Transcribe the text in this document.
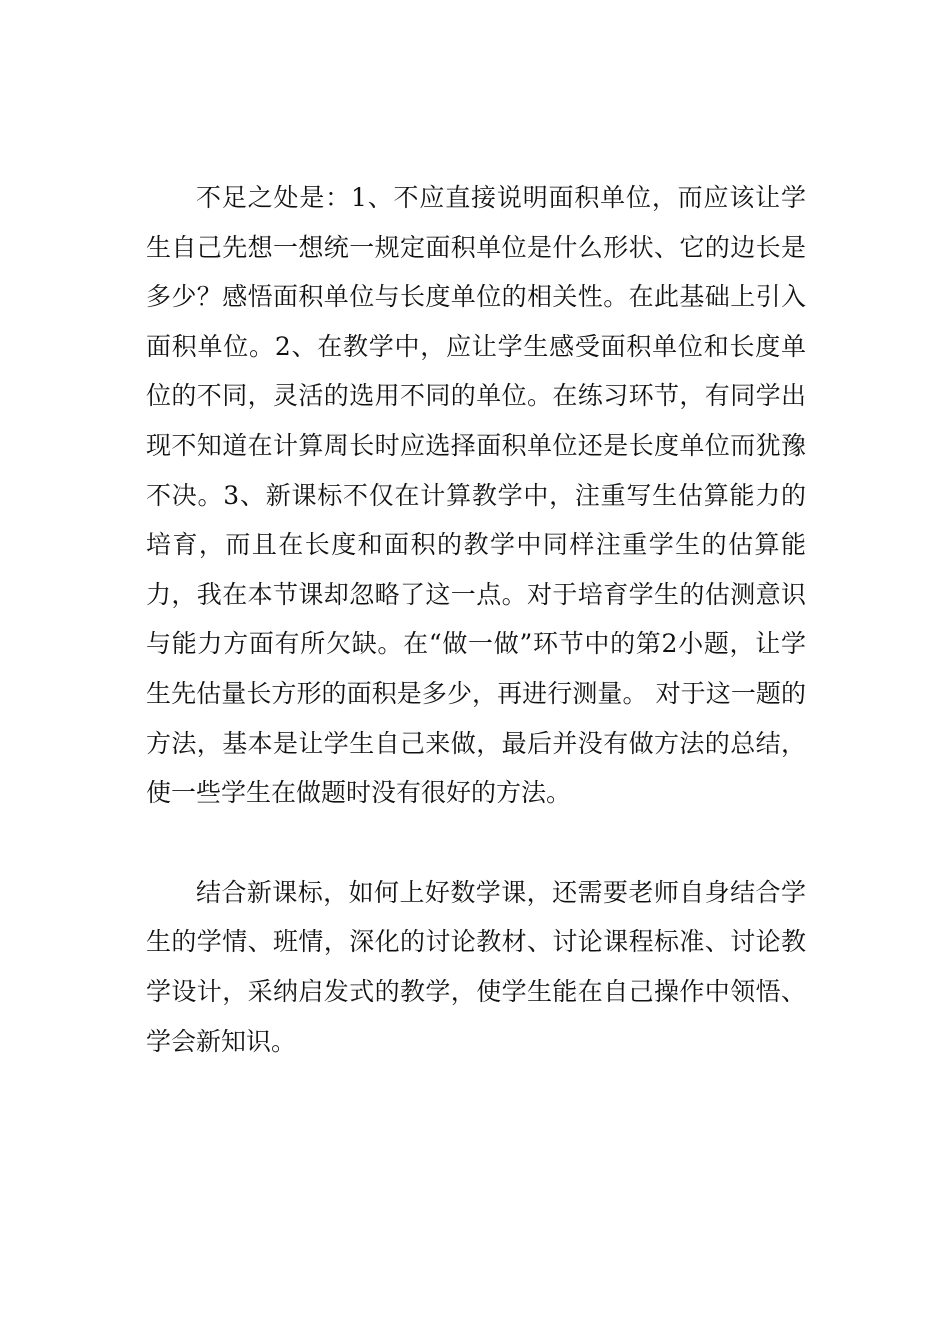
不足之处是：1、不应直接说明面积单位，而应该让学生自己先想一想统一规定面积单位是什么形状、它的边长是多少？感悟面积单位与长度单位的相关性。在此基础上引入面积单位。2、在教学中，应让学生感受面积单位和长度单位的不同，灵活的选用不同的单位。在练习环节，有同学出现不知道在计算周长时应选择面积单位还是长度单位而犹豫不决。3、新课标不仅在计算教学中，注重写生估算能力的培育，而且在长度和面积的教学中同样注重学生的估算能力，我在本节课却忽略了这一点。对于培育学生的估测意识与能力方面有所欠缺。在“做一做”环节中的第2小题，让学生先估量长方形的面积是多少，再进行测量。 对于这一题的方法，基本是让学生自己来做，最后并没有做方法的总结，使一些学生在做题时没有很好的方法。

结合新课标，如何上好数学课，还需要老师自身结合学生的学情、班情，深化的讨论教材、讨论课程标准、讨论教学设计，采纳启发式的教学，使学生能在自己操作中领悟、学会新知识。
